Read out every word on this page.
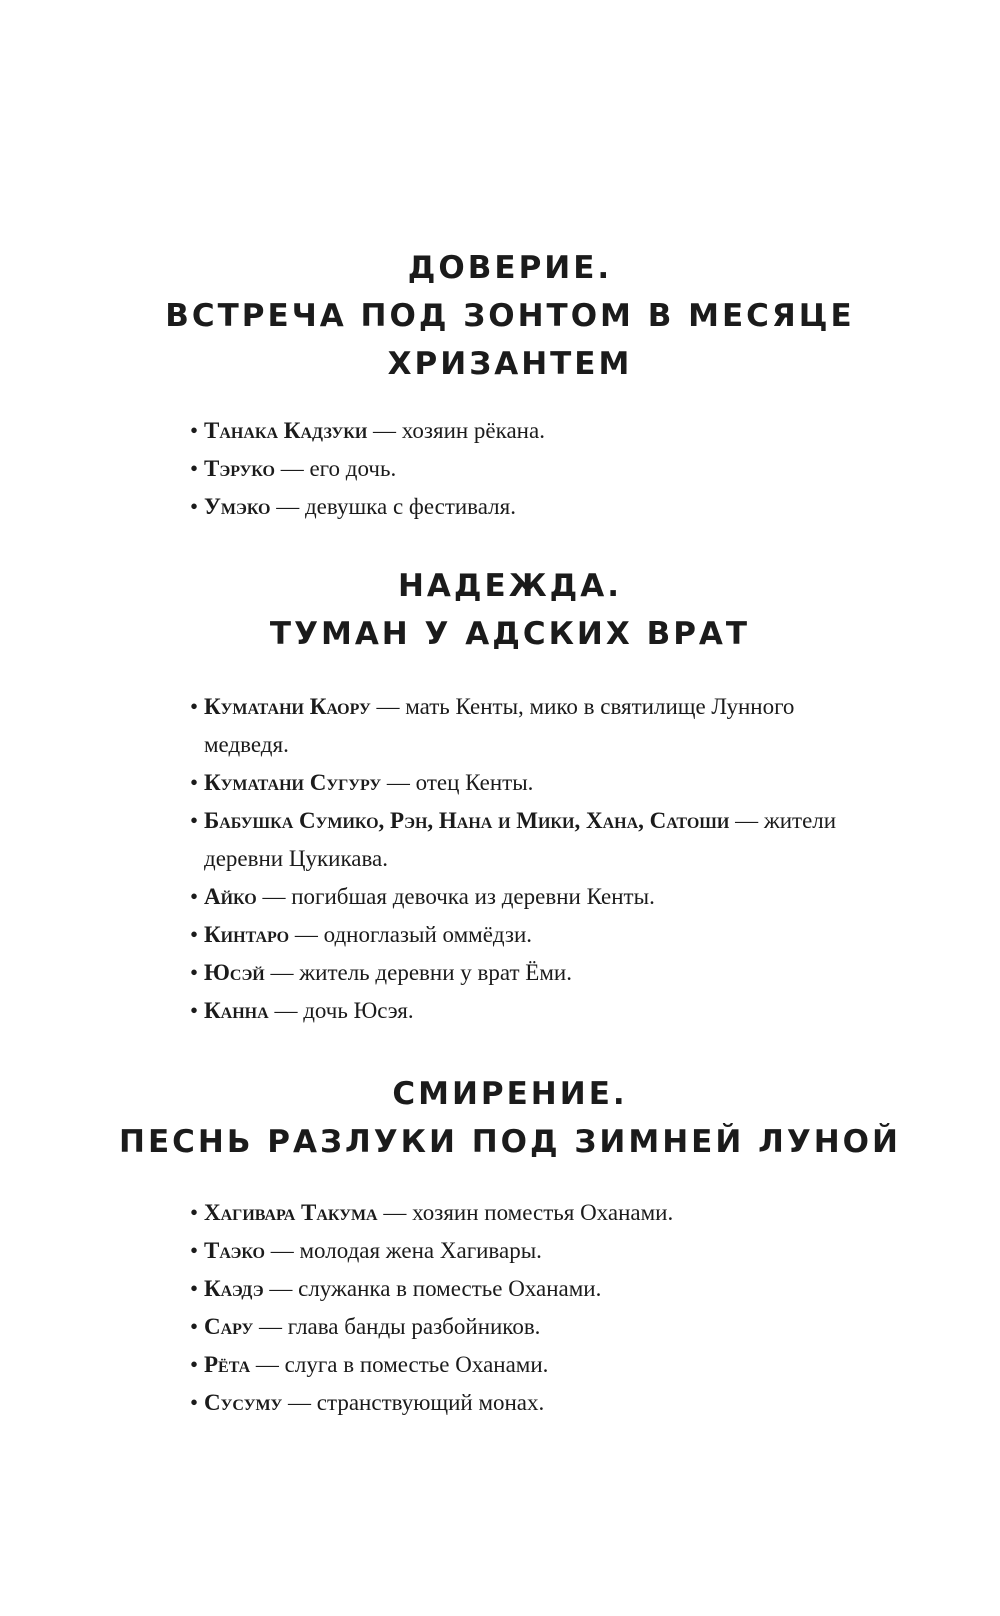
ДОВЕРИЕ.
ВСТРЕЧА ПОД ЗОНТОМ В МЕСЯЦЕ
ХРИЗАНТЕМ
• Танака Кадзуки — хозяин рёкана.
• Тэруко — его дочь.
• Умэко — девушка с фестиваля.
НАДЕЖДА.
ТУМАН У АДСКИХ ВРАТ
• Куматани Каору — мать Кенты, мико в святилище Лунного медведя.
• Куматани Сугуру — отец Кенты.
• Бабушка Сумико, Рэн, Нана и Мики, Хана, Сатоши — жители деревни Цукикава.
• Айко — погибшая девочка из деревни Кенты.
• Кинтаро — одноглазый оммёдзи.
• Юсэй — житель деревни у врат Ёми.
• Канна — дочь Юсэя.
СМИРЕНИЕ.
ПЕСНЬ РАЗЛУКИ ПОД ЗИМНЕЙ ЛУНОЙ
• Хагивара Такума — хозяин поместья Оханами.
• Таэко — молодая жена Хагивары.
• Каэдэ — служанка в поместье Оханами.
• Сару — глава банды разбойников.
• Рёта — слуга в поместье Оханами.
• Сусуму — странствующий монах.
